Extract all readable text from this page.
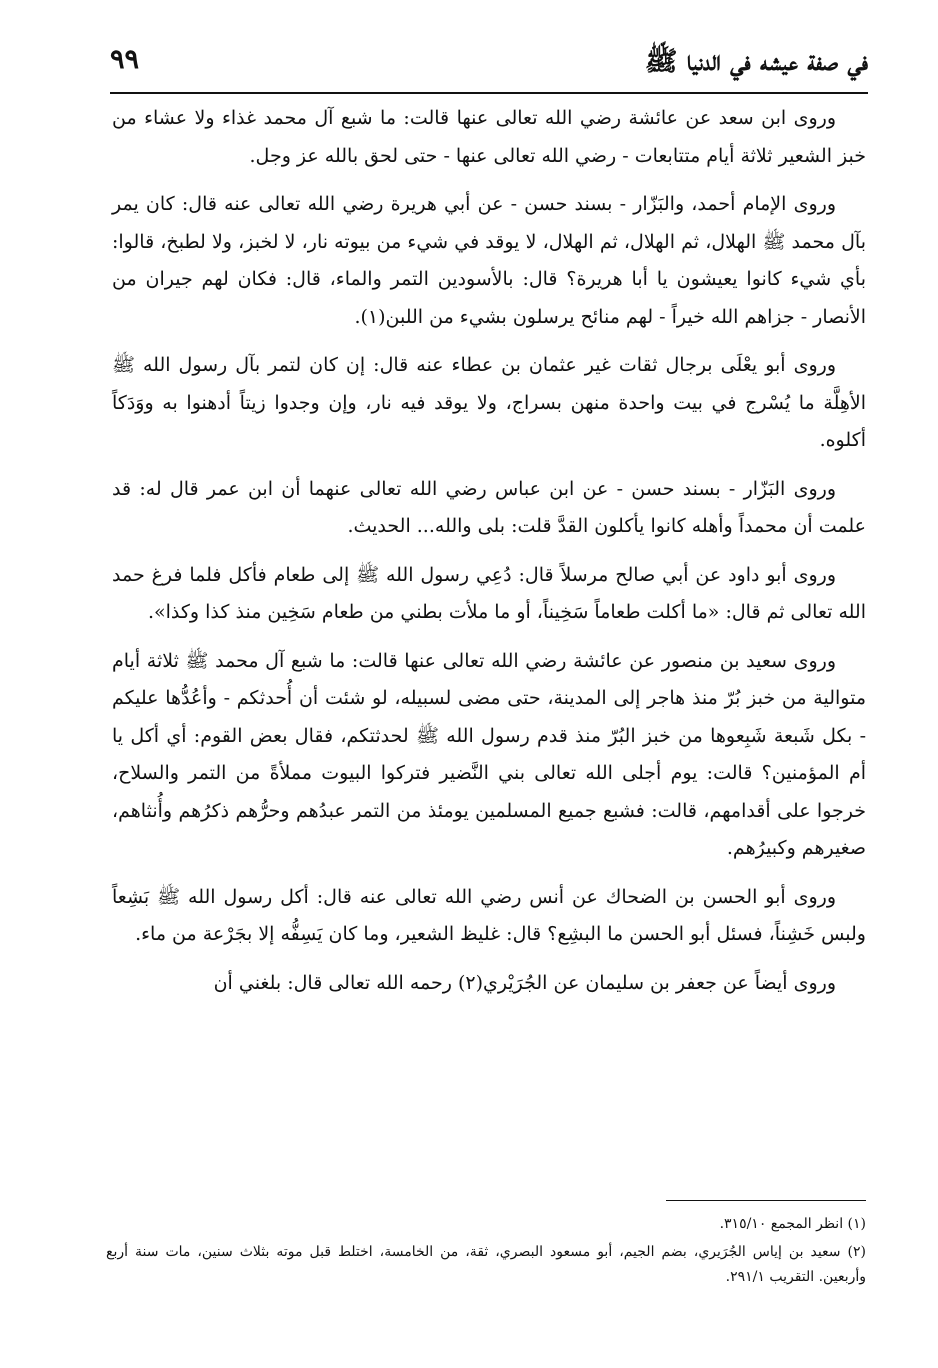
في صفة عيشه في الدنيا ﷺ
٩٩

وروى ابن سعد عن عائشة رضي الله تعالى عنها قالت: ما شبع آل محمد غذاء ولا عشاء من خبز الشعير ثلاثة أيام متتابعات - رضي الله تعالى عنها - حتى لحق بالله عز وجل.

وروى الإمام أحمد، والبَزّار - بسند حسن - عن أبي هريرة رضي الله تعالى عنه قال: كان يمر بآل محمد ﷺ الهلال، ثم الهلال، ثم الهلال، لا يوقد في شيء من بيوته نار، لا لخبز، ولا لطبخ، قالوا: بأي شيء كانوا يعيشون يا أبا هريرة؟ قال: بالأسودين التمر والماء، قال: فكان لهم جيران من الأنصار - جزاهم الله خيراً - لهم منائح يرسلون بشيء من اللبن(١).

وروى أبو يعْلَى برجال ثقات غير عثمان بن عطاء عنه قال: إن كان لتمر بآل رسول الله ﷺ الأهِلَّة ما يُسْرج في بيت واحدة منهن بسراج، ولا يوقد فيه نار، وإن وجدوا زيتاً أدهنوا به ووَدَكاً أكلوه.

وروى البَزّار - بسند حسن - عن ابن عباس رضي الله تعالى عنهما أن ابن عمر قال له: قد علمت أن محمداً وأهله كانوا يأكلون القدَّ قلت: بلى والله... الحديث.

وروى أبو داود عن أبي صالح مرسلاً قال: دُعِي رسول الله ﷺ إلى طعام فأكل فلما فرغ حمد الله تعالى ثم قال: «ما أكلت طعاماً سَخِيناً، أو ما ملأت بطني من طعام سَخِين منذ كذا وكذا».

وروى سعيد بن منصور عن عائشة رضي الله تعالى عنها قالت: ما شبع آل محمد ﷺ ثلاثة أيام متوالية من خبز بُرّ منذ هاجر إلى المدينة، حتى مضى لسبيله، لو شئت أن أُحدثكم - وأعُدُّها عليكم - بكل شَبعة شَبِعوها من خبز البُرّ منذ قدم رسول الله ﷺ لحدثتكم، فقال بعض القوم: أي أكل يا أم المؤمنين؟ قالت: يوم أجلى الله تعالى بني النَّضير فتركوا البيوت مملأةً من التمر والسلاح، خرجوا على أقدامهم، قالت: فشبع جميع المسلمين يومئذ من التمر عبدُهم وحرُّهم ذكرُهم وأُنثاهم، صغيرهم وكبيرُهم.

وروى أبو الحسن بن الضحاك عن أنس رضي الله تعالى عنه قال: أكل رسول الله ﷺ بَشِعاً ولبس خَشِناً، فسئل أبو الحسن ما البشِع؟ قال: غليظ الشعير، وما كان يَسِفُّه إلا بجَرْعة من ماء.

وروى أيضاً عن جعفر بن سليمان عن الجُرَيْري(٢) رحمه الله تعالى قال: بلغني أن

(١) انظر المجمع ٣١٥/١٠.

(٢) سعيد بن إياس الجُرَيري، بضم الجيم، أبو مسعود البصري، ثقة، من الخامسة، اختلط قبل موته بثلاث سنين، مات سنة أربع وأربعين. التقريب ٢٩١/١.
